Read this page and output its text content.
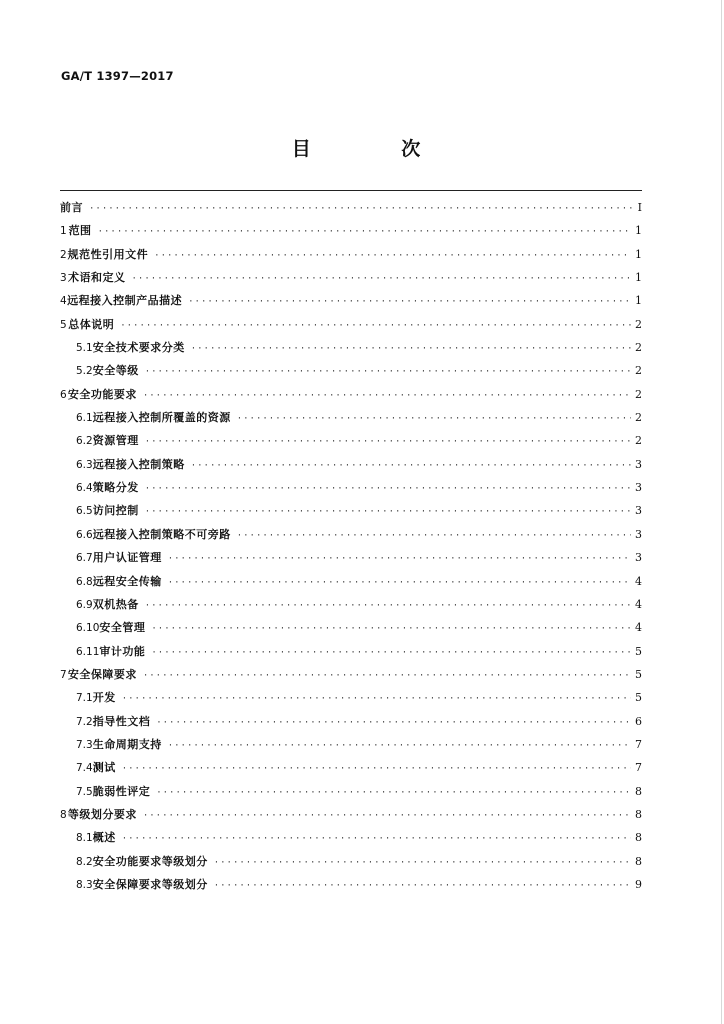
GA/T 1397—2017
目 次
前言 ·····	Ⅰ
1 范围 ·····	1
2 规范性引用文件 ·····	1
3 术语和定义 ·····	1
4 远程接入控制产品描述 ·····	1
5 总体说明 ·····	2
5.1 安全技术要求分类 ·····	2
5.2 安全等级 ·····	2
6 安全功能要求 ·····	2
6.1 远程接入控制所覆盖的资源 ·····	2
6.2 资源管理 ·····	2
6.3 远程接入控制策略 ·····	3
6.4 策略分发 ·····	3
6.5 访问控制 ·····	3
6.6 远程接入控制策略不可旁路 ·····	3
6.7 用户认证管理 ·····	3
6.8 远程安全传输 ·····	4
6.9 双机热备 ·····	4
6.10 安全管理 ·····	4
6.11 审计功能 ·····	5
7 安全保障要求 ·····	5
7.1 开发 ·····	5
7.2 指导性文档 ·····	6
7.3 生命周期支持 ·····	7
7.4 测试 ·····	7
7.5 脆弱性评定 ·····	8
8 等级划分要求 ·····	8
8.1 概述 ·····	8
8.2 安全功能要求等级划分 ·····	8
8.3 安全保障要求等级划分 ·····	9
